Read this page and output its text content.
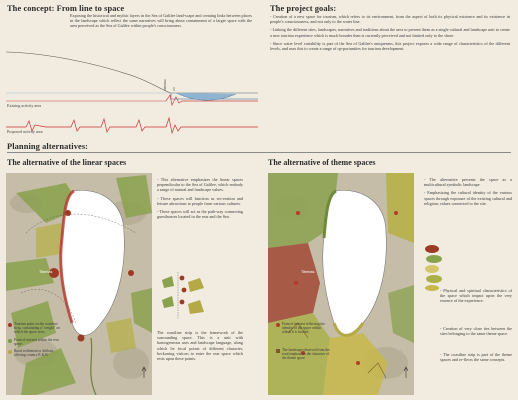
The concept: From line to space
Exposing the historical and mythic layers in the Sea of Galilee land-scape and creating links between places in the landscape which reflect the same narratives will bring about containment of a larger space with the area perceived as the Sea of Galilee within people's consciousness.
ABCDEF
Existing activity area
Proposed activity area
The project goals:

- Creation of a new space for tourism, which refers to its environment, from the aspect of both its physical existence and its existence in people's consciousness, and not only to the water line.

- Linking the different sites, landscapes, narratives and traditions about the area to present them as a single cultural and landscape unit to create a new tourism experience which is much broader than is currently perceived and not limited only to the shore.

- Since water level variability is part of the Sea of Galilee's uniqueness, this project exposes a wide range of characteristics of the different levels, and uses this to create a range of op-portunities for tourism development.

Planning alternatives:
The alternative of the linear spaces
Tiberias
Tourism point on the coastline strip, constituting a "weight" on which the space rests.
Point of interest within the rear space.
Rural settlement or kibbutz offering country R & B.

- This alternative emphasizes the linear spaces perpendicular to the Sea of Galilee, which embody a range of natural and landscape values.

- These spaces will function as rec-reation and leisure attractions to people from various cultures.

- These spaces will act as the path-way connecting guesthouses located in the rear and the Sea.

The coastline strip is the framework of the surrounding space. This is a unit with homogeneous uses and landscape language, along which lie focal points of different character, beckoning visitors to enter the rear space which rests upon these points.
The alternative of theme spaces
Tiberias
Point of interest reflecting the identity of the space within which it is located.
The landscape observed from the road emphasizes the character of the theme space

- The alternative presents the space as a multicultural symbolic landscape

- Emphasizing the cultural identity of the various spaces through exposure of the existing cultural and religious values connected to the site.

- Physical and spiritual characteristics of the space which impact upon the very essence of the experience.
- Creation of very close ties between the sites belonging to the same theme space.
- The coastline strip is part of the theme spaces and re-flects the same concepts.
